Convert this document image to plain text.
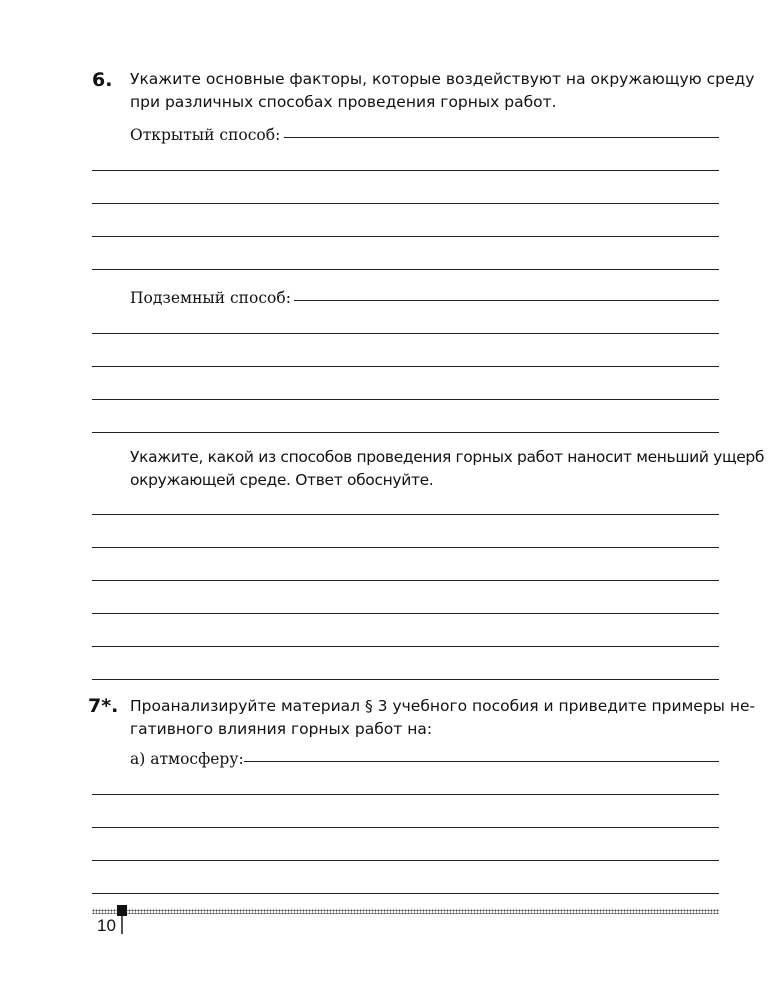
6. Укажите основные факторы, которые воздействуют на окружающую среду
при различных способах проведения горных работ.
Открытый способ:
Подземный способ:
Укажите, какой из способов проведения горных работ наносит меньший ущерб
окружающей среде. Ответ обоснуйте.
7*. Проанализируйте материал § 3 учебного пособия и приведите примеры не-
гативного влияния горных работ на:
а) атмосферу:
10
